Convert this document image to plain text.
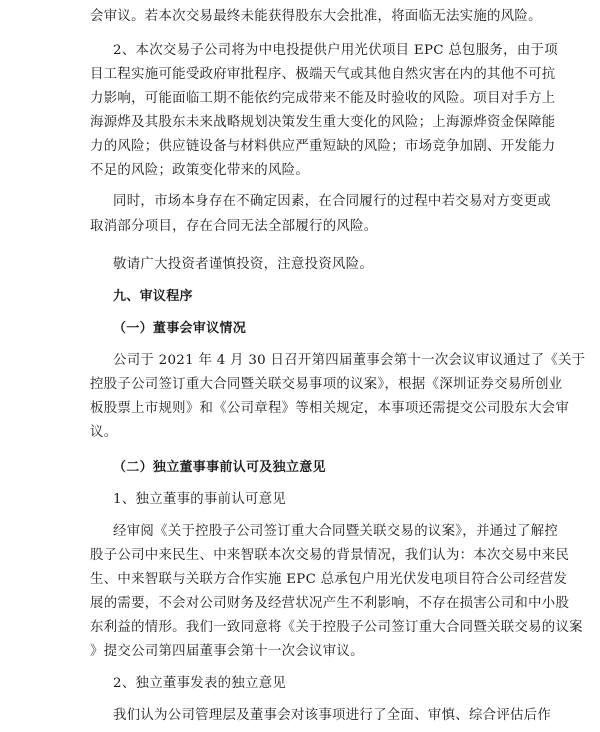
会审议。若本次交易最终未能获得股东大会批准，将面临无法实施的风险。
2、本次交易子公司将为中电投提供户用光伏项目 EPC 总包服务，由于项
目工程实施可能受政府审批程序、极端天气或其他自然灾害在内的其他不可抗
力影响，可能面临工期不能依约完成带来不能及时验收的风险。项目对手方上
海源烨及其股东未来战略规划决策发生重大变化的风险；上海源烨资金保障能
力的风险；供应链设备与材料供应严重短缺的风险；市场竞争加剧、开发能力
不足的风险；政策变化带来的风险。
同时，市场本身存在不确定因素，在合同履行的过程中若交易对方变更或
取消部分项目，存在合同无法全部履行的风险。
敬请广大投资者谨慎投资，注意投资风险。
九、审议程序
（一）董事会审议情况
公司于 2021 年 4 月 30 日召开第四届董事会第十一次会议审议通过了《关于
控股子公司签订重大合同暨关联交易事项的议案》，根据《深圳证券交易所创业
板股票上市规则》和《公司章程》等相关规定，本事项还需提交公司股东大会审
议。
（二）独立董事事前认可及独立意见
1、独立董事的事前认可意见
经审阅《关于控股子公司签订重大合同暨关联交易的议案》，并通过了解控
股子公司中来民生、中来智联本次交易的背景情况，我们认为：本次交易中来民
生、中来智联与关联方合作实施 EPC 总承包户用光伏发电项目符合公司经营发
展的需要，不会对公司财务及经营状况产生不利影响，不存在损害公司和中小股
东利益的情形。我们一致同意将《关于控股子公司签订重大合同暨关联交易的议案
》提交公司第四届董事会第十一次会议审议。
2、独立董事发表的独立意见
我们认为公司管理层及董事会对该事项进行了全面、审慎、综合评估后作
